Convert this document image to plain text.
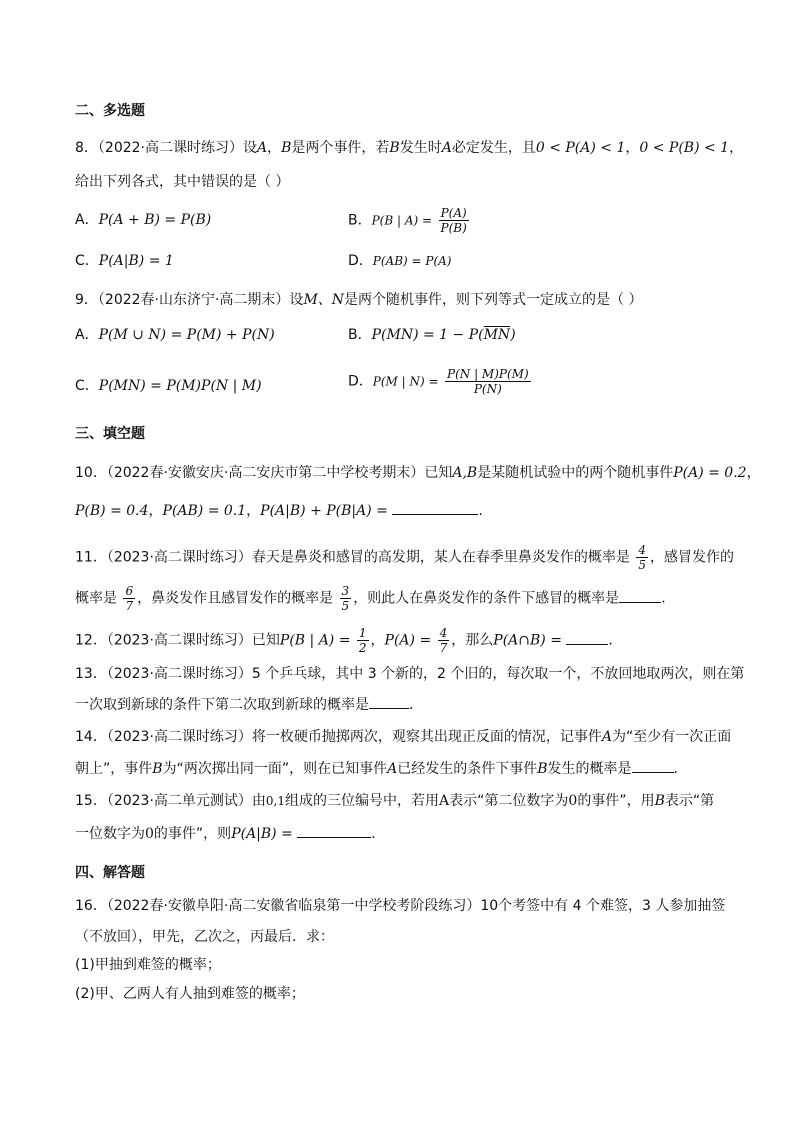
二、多选题
8．（2022·高二课时练习）设A，B是两个事件，若B发生时A必定发生，且0 < P(A) < 1，0 < P(B) < 1，
给出下列各式，其中错误的是（ ）
A．P(A + B) = P(B)	B．P(B | $A) = \frac{P(A)}{P(B)}$
C．P(A|B) = 1	D．P(AB) = P(A)
9．（2022春·山东济宁·高二期末）设M、N是两个随机事件，则下列等式一定成立的是（ ）
A．P(M ∪ N) = P(M) + P(N)	B．$P(MN) = 1 - P(\overline{MN})$
C．P(MN) = P(M)P(N | M)	D．P(M | $N) = \frac{P(N | M)P(M)}{P(N)}$
三、填空题
10．（2022春·安徽安庆·高二安庆市第二中学校考期末）已知A,B是某随机试验中的两个随机事件P(A) = 0.2，
P(B) = 0.4，P(AB) = 0.1，P(A|B) + P(B|A) =	.
11．（2023·高二课时练习）春天是鼻炎和感冒的高发期，某人在春季里鼻炎发作的概率是 $\frac{4}{5}$ ，感冒发作的
概率是 $\frac{6}{7}$ ，鼻炎发作且感冒发作的概率是 $\frac{3}{5}$ ，则此人在鼻炎发作的条件下感冒的概率是	．
12．（2023·高二课时练习）已知P(B | $A) = \frac{1}{2}$ ，$P(A) = \frac{4}{7}$ ，那么P(A∩B) =	．
13．（2023·高二课时练习）5 个乒乓球，其中 3 个新的，2 个旧的，每次取一个，不放回地取两次，则在第
一次取到新球的条件下第二次取到新球的概率是	．
14．（2023·高二课时练习）将一枚硬币抛掷两次，观察其出现正反面的情况，记事件A为“至少有一次正面
朝上”，事件B为“两次掷出同一面”，则在已知事件A已经发生的条件下事件B发生的概率是	．
15．（2023·高二单元测试）由0,1组成的三位编号中，若用A表示“第二位数字为0的事件”，用B表示“第
一位数字为0的事件”，则P(A|B) =	.
四、解答题
16．（2022春·安徽阜阳·高二安徽省临泉第一中学校考阶段练习）10个考签中有 4 个难签，3 人参加抽签
（不放回），甲先，乙次之，丙最后．求：
(1)甲抽到难签的概率；
(2)甲、乙两人有人抽到难签的概率；
